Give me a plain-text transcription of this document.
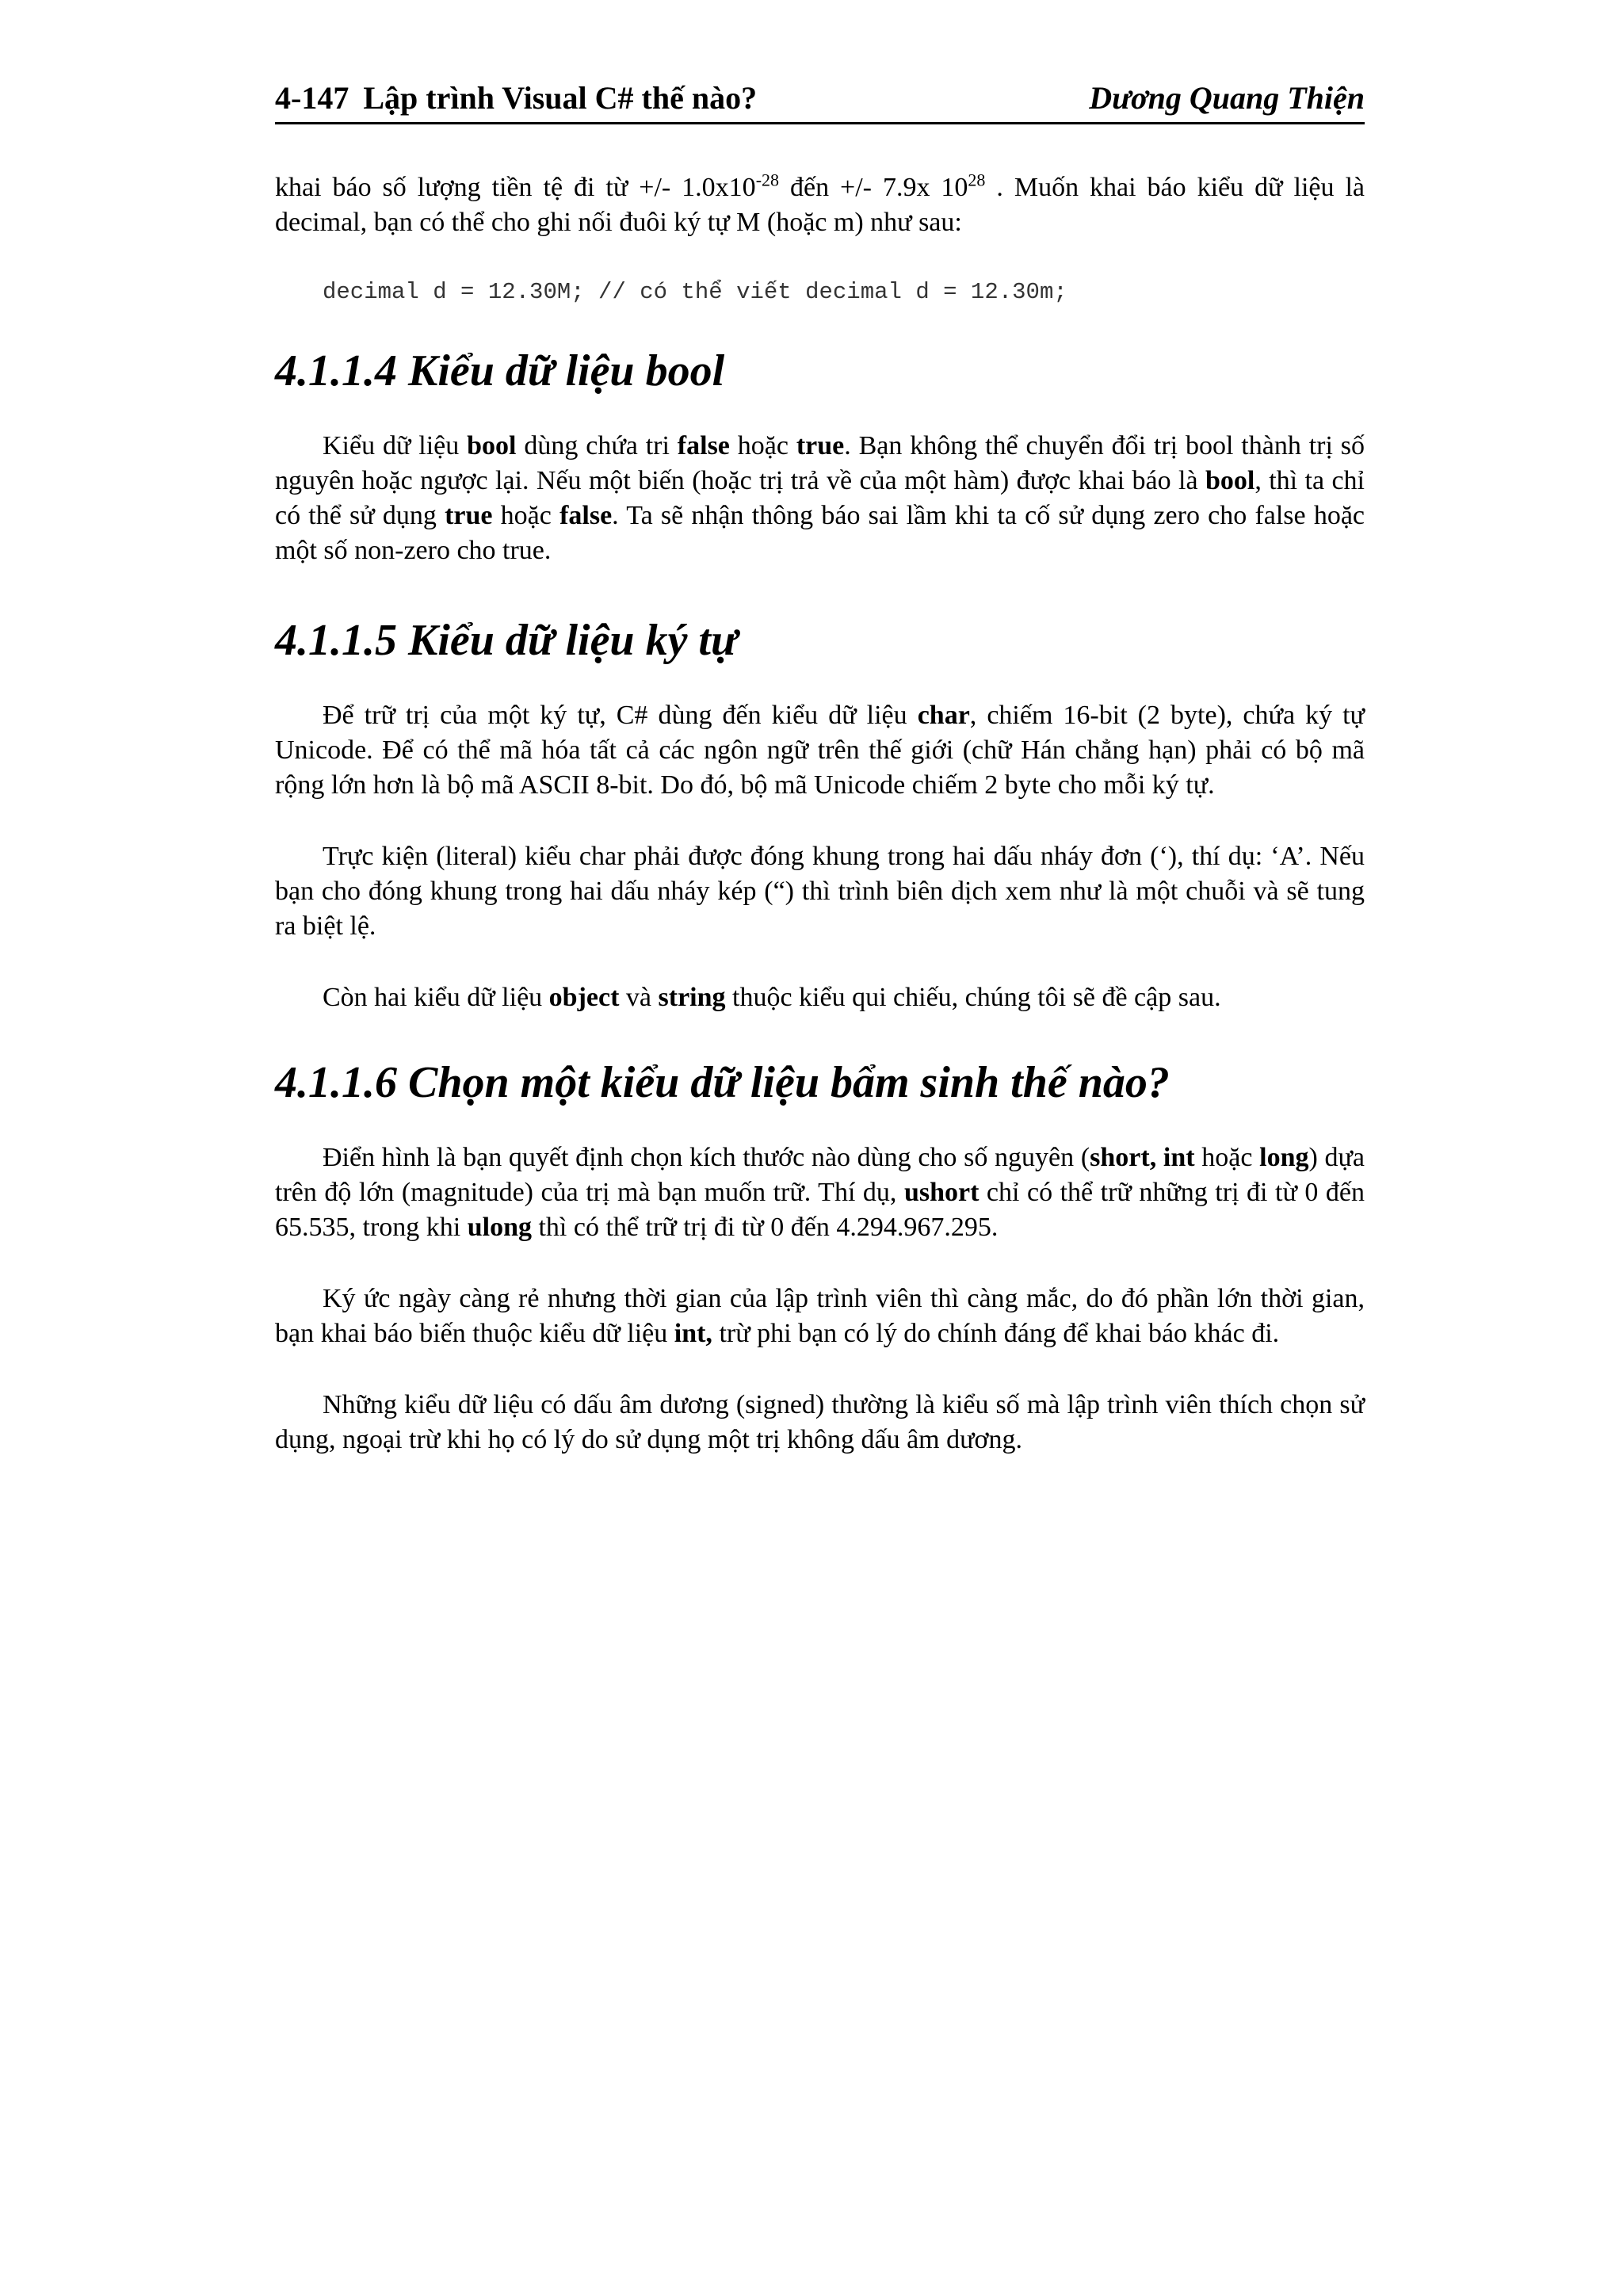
4-147 Lập trình Visual C# thế nào?	Dương Quang Thiện

khai báo số lượng tiền tệ đi từ +/- $1.0x10^{-28}$ đến +/- 7.9x $10^{28}$ . Muốn khai báo kiểu dữ liệu là decimal, bạn có thể cho ghi nối đuôi ký tự M (hoặc m) như sau:

decimal d = 12.30M; // có thể viết decimal d = 12.30m;

4.1.1.4 Kiểu dữ liệu bool

Kiểu dữ liệu bool dùng chứa tri false hoặc true. Bạn không thể chuyển đổi trị bool thành trị số nguyên hoặc ngược lại. Nếu một biến (hoặc trị trả về của một hàm) được khai báo là bool, thì ta chỉ có thể sử dụng true hoặc false. Ta sẽ nhận thông báo sai lầm khi ta cố sử dụng zero cho false hoặc một số non-zero cho true.

4.1.1.5 Kiểu dữ liệu ký tự

Để trữ trị của một ký tự, C# dùng đến kiểu dữ liệu char, chiếm 16-bit (2 byte), chứa ký tự Unicode. Để có thể mã hóa tất cả các ngôn ngữ trên thế giới (chữ Hán chẳng hạn) phải có bộ mã rộng lớn hơn là bộ mã ASCII 8-bit. Do đó, bộ mã Unicode chiếm 2 byte cho mỗi ký tự.

Trực kiện (literal) kiểu char phải được đóng khung trong hai dấu nháy đơn (‘), thí dụ: ‘A’. Nếu bạn cho đóng khung trong hai dấu nháy kép (“) thì trình biên dịch xem như là một chuỗi và sẽ tung ra biệt lệ.

Còn hai kiểu dữ liệu object và string thuộc kiểu qui chiếu, chúng tôi sẽ đề cập sau.

4.1.1.6 Chọn một kiểu dữ liệu bẩm sinh thế nào?

Điển hình là bạn quyết định chọn kích thước nào dùng cho số nguyên (short, int hoặc long) dựa trên độ lớn (magnitude) của trị mà bạn muốn trữ. Thí dụ, ushort chỉ có thể trữ những trị đi từ 0 đến 65.535, trong khi ulong thì có thể trữ trị đi từ 0 đến 4.294.967.295.

Ký ức ngày càng rẻ nhưng thời gian của lập trình viên thì càng mắc, do đó phần lớn thời gian, bạn khai báo biến thuộc kiểu dữ liệu int, trừ phi bạn có lý do chính đáng để khai báo khác đi.

Những kiểu dữ liệu có dấu âm dương (signed) thường là kiểu số mà lập trình viên thích chọn sử dụng, ngoại trừ khi họ có lý do sử dụng một trị không dấu âm dương.
